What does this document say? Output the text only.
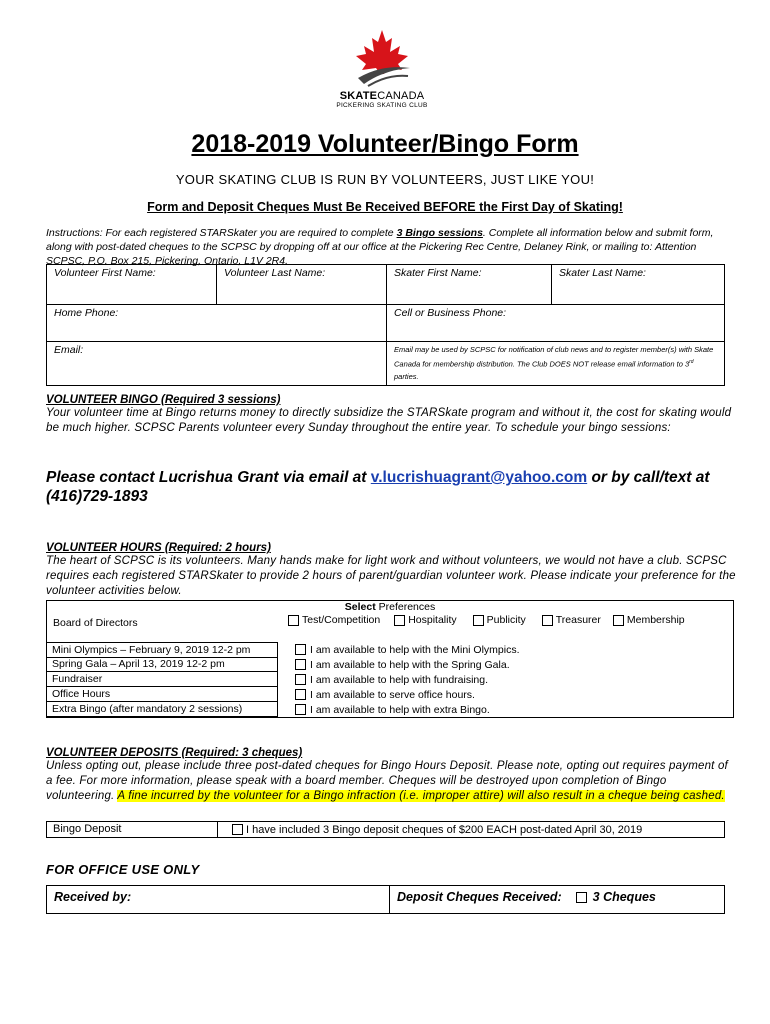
SKATECANADA
PICKERING SKATING CLUB
2018-2019 Volunteer/Bingo Form
YOUR SKATING CLUB IS RUN BY VOLUNTEERS, JUST LIKE YOU!
Form and Deposit Cheques Must Be Received BEFORE the First Day of Skating!
Instructions: For each registered STARSkater you are required to complete 3 Bingo sessions. Complete all information below and submit form, along with post-dated cheques to the SCPSC by dropping off at our office at the Pickering Rec Centre, Delaney Rink, or mailing to: Attention SCPSC, P.O. Box 215, Pickering, Ontario, L1V 2R4.
Volunteer First Name:	Volunteer Last Name:	Skater First Name:	Skater Last Name:
Home Phone:		Cell or Business Phone:	
Email:		Email may be used by SCPSC for notification of club news and to register member(s) with Skate Canada for membership distribution. The Club DOES NOT release email information to 3rd parties.	
VOLUNTEER BINGO (Required 3 sessions)
Your volunteer time at Bingo returns money to directly subsidize the STARSkate program and without it, the cost for skating would be much higher. SCPSC Parents volunteer every Sunday throughout the entire year. To schedule your bingo sessions:
Please contact Lucrishua Grant via email at v.lucrishuagrant@yahoo.com or by call/text at
(416)729-1893
VOLUNTEER HOURS (Required: 2 hours)
The heart of SCPSC is its volunteers. Many hands make for light work and without volunteers, we would not have a club. SCPSC requires each registered STARSkater to provide 2 hours of parent/guardian volunteer work. Please indicate your preference for the volunteer activities below.
Select Preferences
Board of Directors	Test/Competition	Hospitality	Publicity	Treasurer Membership
Mini Olympics – February 9, 2019 12-2 pm	I am available to help with the Mini Olympics.
Spring Gala – April 13, 2019 12-2 pm	I am available to help with the Spring Gala.
Fundraiser	I am available to help with fundraising.
Office Hours	I am available to serve office hours.
Extra Bingo (after mandatory 2 sessions)	I am available to help with extra Bingo.
VOLUNTEER DEPOSITS (Required: 3 cheques)
Unless opting out, please include three post-dated cheques for Bingo Hours Deposit. Please note, opting out requires payment of a fee. For more information, please speak with a board member. Cheques will be destroyed upon completion of Bingo volunteering. A fine incurred by the volunteer for a Bingo infraction (i.e. improper attire) will also result in a cheque being cashed.
Bingo Deposit	I have included 3 Bingo deposit cheques of $200 EACH post-dated April 30, 2019
FOR OFFICE USE ONLY
Received by:	Deposit Cheques Received: 3 Cheques
